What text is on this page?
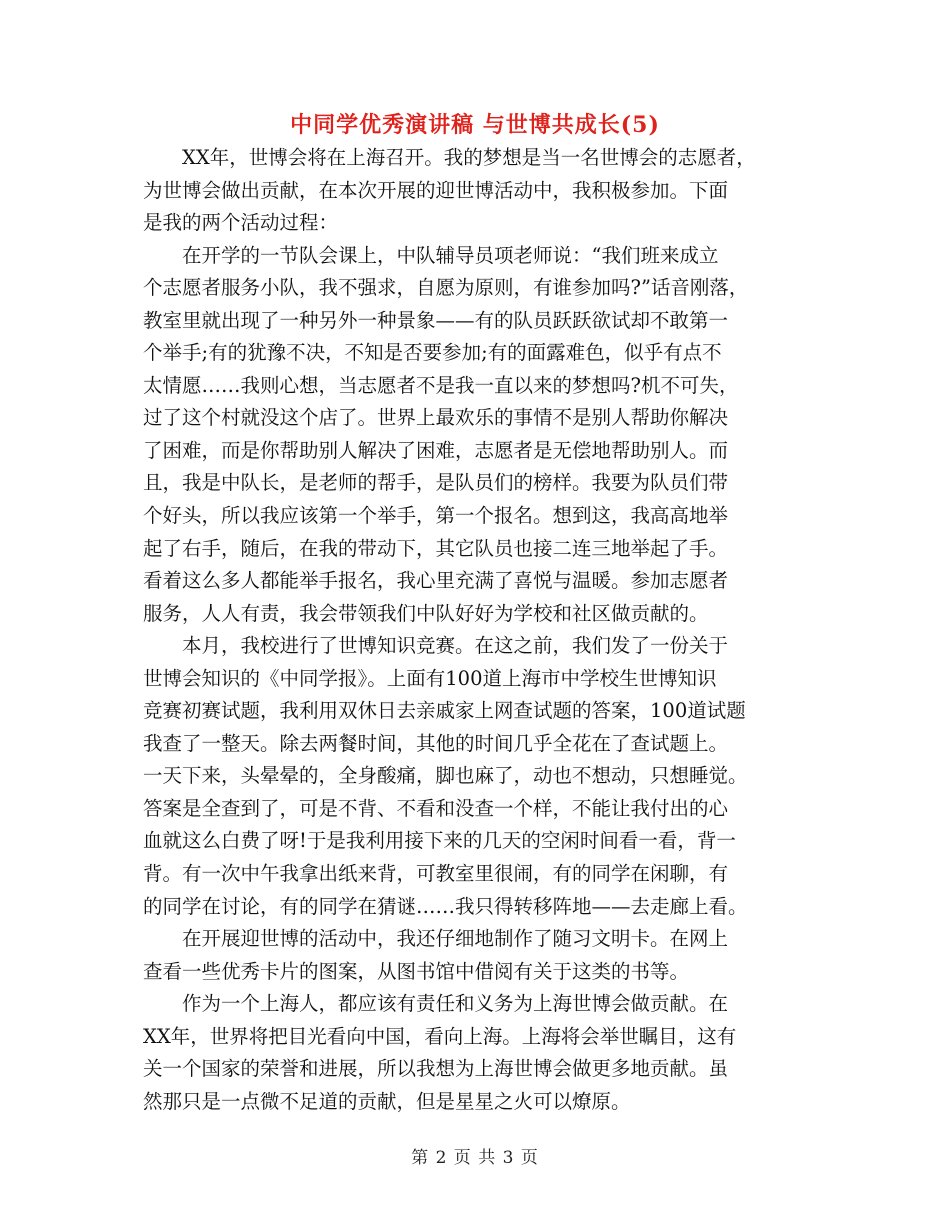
中同学优秀演讲稿 与世博共成长(5)
　　XX年，世博会将在上海召开。我的梦想是当一名世博会的志愿者，
为世博会做出贡献，在本次开展的迎世博活动中，我积极参加。下面
是我的两个活动过程：
　　在开学的一节队会课上，中队辅导员项老师说：“我们班来成立
个志愿者服务小队，我不强求，自愿为原则，有谁参加吗?”话音刚落，
教室里就出现了一种另外一种景象——有的队员跃跃欲试却不敢第一
个举手;有的犹豫不决，不知是否要参加;有的面露难色，似乎有点不
太情愿……我则心想，当志愿者不是我一直以来的梦想吗?机不可失，
过了这个村就没这个店了。世界上最欢乐的事情不是别人帮助你解决
了困难，而是你帮助别人解决了困难，志愿者是无偿地帮助别人。而
且，我是中队长，是老师的帮手，是队员们的榜样。我要为队员们带
个好头，所以我应该第一个举手，第一个报名。想到这，我高高地举
起了右手，随后，在我的带动下，其它队员也接二连三地举起了手。
看着这么多人都能举手报名，我心里充满了喜悦与温暖。参加志愿者
服务，人人有责，我会带领我们中队好好为学校和社区做贡献的。
　　本月，我校进行了世博知识竞赛。在这之前，我们发了一份关于
世博会知识的《中同学报》。上面有100道上海市中学校生世博知识
竞赛初赛试题，我利用双休日去亲戚家上网查试题的答案，100道试题
我查了一整天。除去两餐时间，其他的时间几乎全花在了查试题上。
一天下来，头晕晕的，全身酸痛，脚也麻了，动也不想动，只想睡觉。
答案是全查到了，可是不背、不看和没查一个样，不能让我付出的心
血就这么白费了呀!于是我利用接下来的几天的空闲时间看一看，背一
背。有一次中午我拿出纸来背，可教室里很闹，有的同学在闲聊，有
的同学在讨论，有的同学在猜谜……我只得转移阵地——去走廊上看。
　　在开展迎世博的活动中，我还仔细地制作了随习文明卡。在网上
查看一些优秀卡片的图案，从图书馆中借阅有关于这类的书等。
　　作为一个上海人，都应该有责任和义务为上海世博会做贡献。在
XX年，世界将把目光看向中国，看向上海。上海将会举世瞩目，这有
关一个国家的荣誉和进展，所以我想为上海世博会做更多地贡献。虽
然那只是一点微不足道的贡献，但是星星之火可以燎原。
第 2 页 共 3 页
